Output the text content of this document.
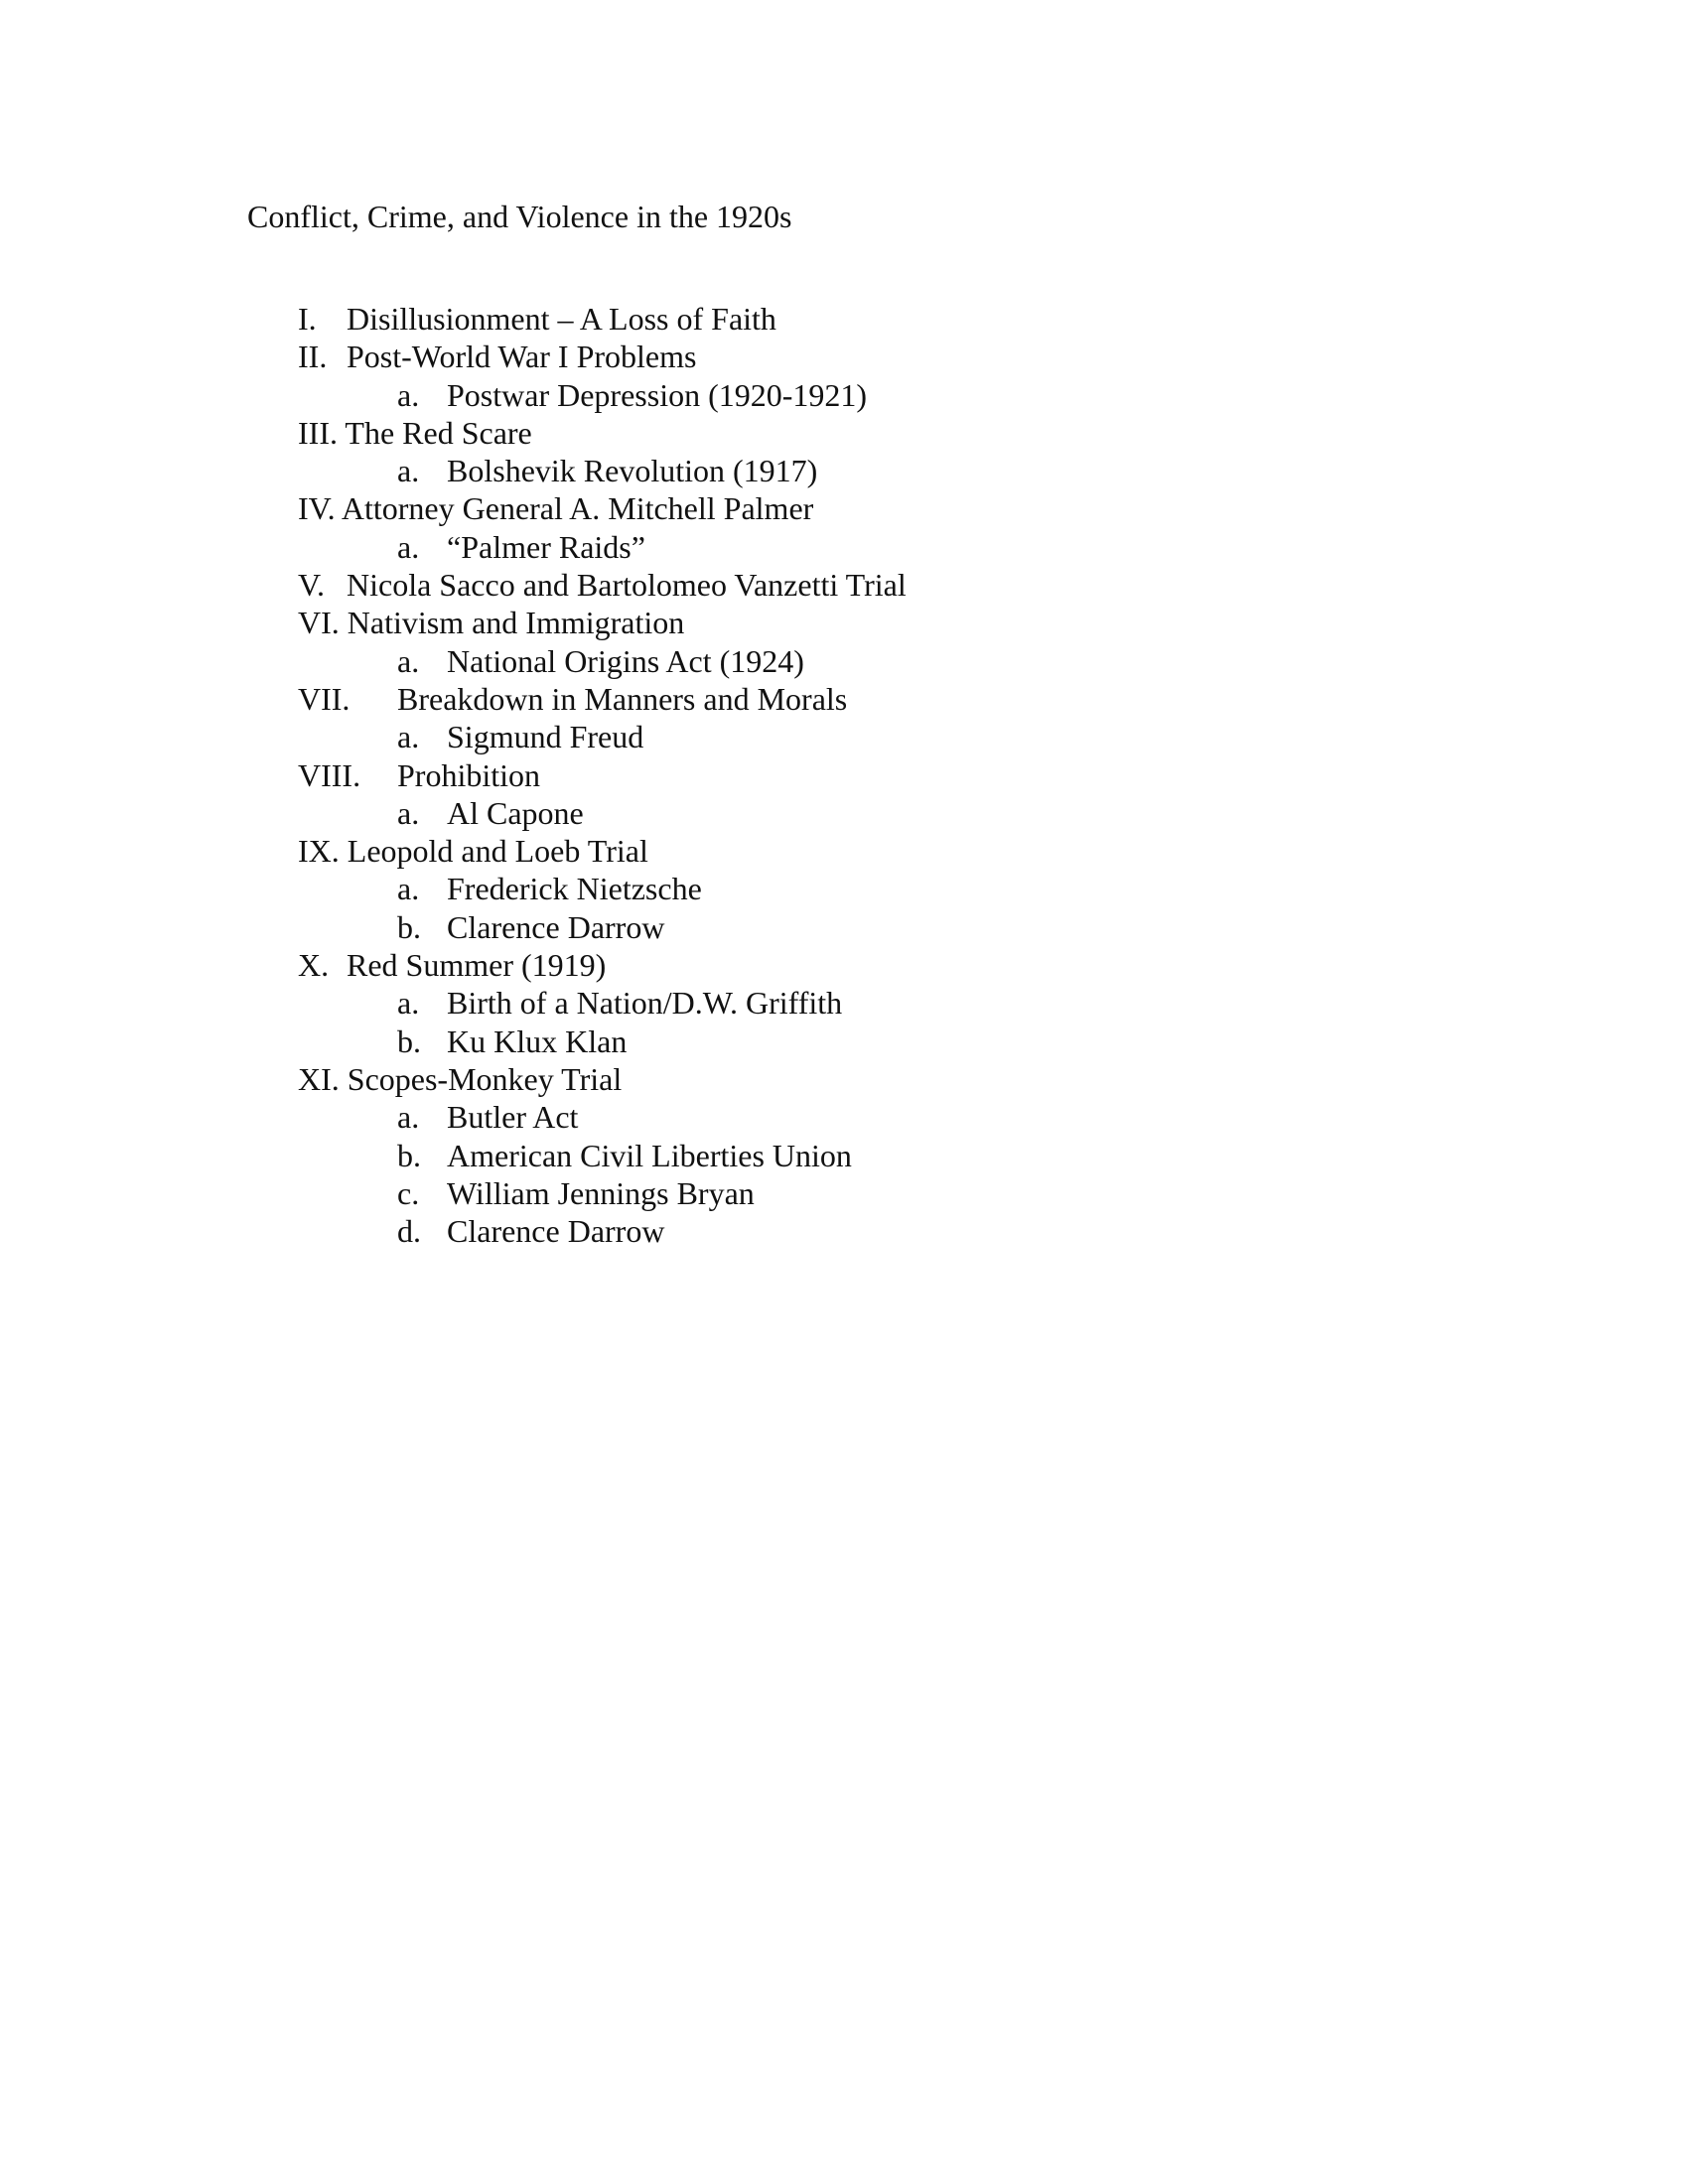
Conflict, Crime, and Violence in the 1920s
I. Disillusionment – A Loss of Faith
II. Post-World War I Problems
a. Postwar Depression (1920-1921)
III. The Red Scare
a. Bolshevik Revolution (1917)
IV. Attorney General A. Mitchell Palmer
a. “Palmer Raids”
V. Nicola Sacco and Bartolomeo Vanzetti Trial
VI. Nativism and Immigration
a. National Origins Act (1924)
VII. Breakdown in Manners and Morals
a. Sigmund Freud
VIII. Prohibition
a. Al Capone
IX. Leopold and Loeb Trial
a. Frederick Nietzsche
b. Clarence Darrow
X. Red Summer (1919)
a. Birth of a Nation/D.W. Griffith
b. Ku Klux Klan
XI. Scopes-Monkey Trial
a. Butler Act
b. American Civil Liberties Union
c. William Jennings Bryan
d. Clarence Darrow
